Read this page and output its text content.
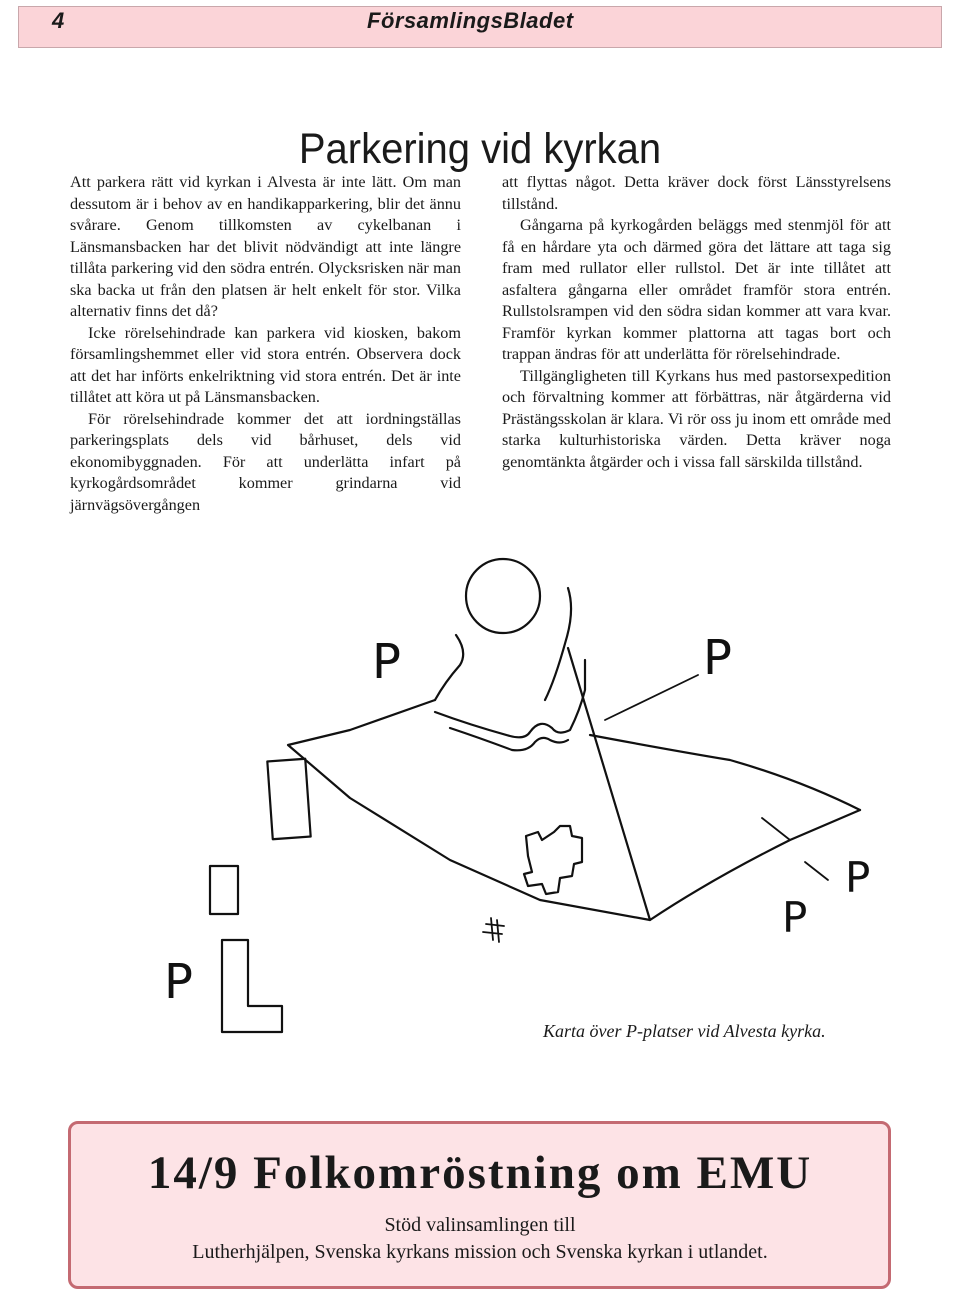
4	FörsamlingsBladet
Parkering vid kyrkan

Att parkera rätt vid kyrkan i Alvesta är inte lätt. Om man dessutom är i behov av en handikapparkering, blir det ännu svårare. Genom tillkomsten av cykelbanan i Länsmansbacken har det blivit nödvändigt att inte längre tillåta parkering vid den södra entrén. Olycksrisken när man ska backa ut från den platsen är helt enkelt för stor. Vilka alternativ finns det då?

Icke rörelsehindrade kan parkera vid kiosken, bakom församlingshemmet eller vid stora entrén. Observera dock att det har införts enkelriktning vid stora entrén. Det är inte tillåtet att köra ut på Länsmansbacken.

För rörelsehindrade kommer det att iordningställas parkeringsplats dels vid bårhuset, dels vid ekonomibyggnaden. För att underlätta infart på kyrkogårdsområdet kommer grindarna vid järnvägsövergången

att flyttas något. Detta kräver dock först Länsstyrelsens tillstånd.

Gångarna på kyrkogården beläggs med stenmjöl för att få en hårdare yta och därmed göra det lättare att taga sig fram med rullator eller rullstol. Det är inte tillåtet att asfaltera gångarna eller området framför stora entrén. Rullstolsrampen vid den södra sidan kommer att vara kvar. Framför kyrkan kommer plattorna att tagas bort och trappan ändras för att underlätta för rörelsehindrade.

Tillgängligheten till Kyrkans hus med pastorsexpedition och förvaltning kommer att förbättras, när åtgärderna vid Prästängsskolan är klara. Vi rör oss ju inom ett område med starka kulturhistoriska värden. Detta kräver noga genomtänkta åtgärder och i vissa fall särskilda tillstånd.

P	P
P
P
P
Karta över P-platser vid Alvesta kyrka.
14/9 Folkomröstning om EMU
Stöd valinsamlingen till
Lutherhjälpen, Svenska kyrkans mission och Svenska kyrkan i utlandet.
